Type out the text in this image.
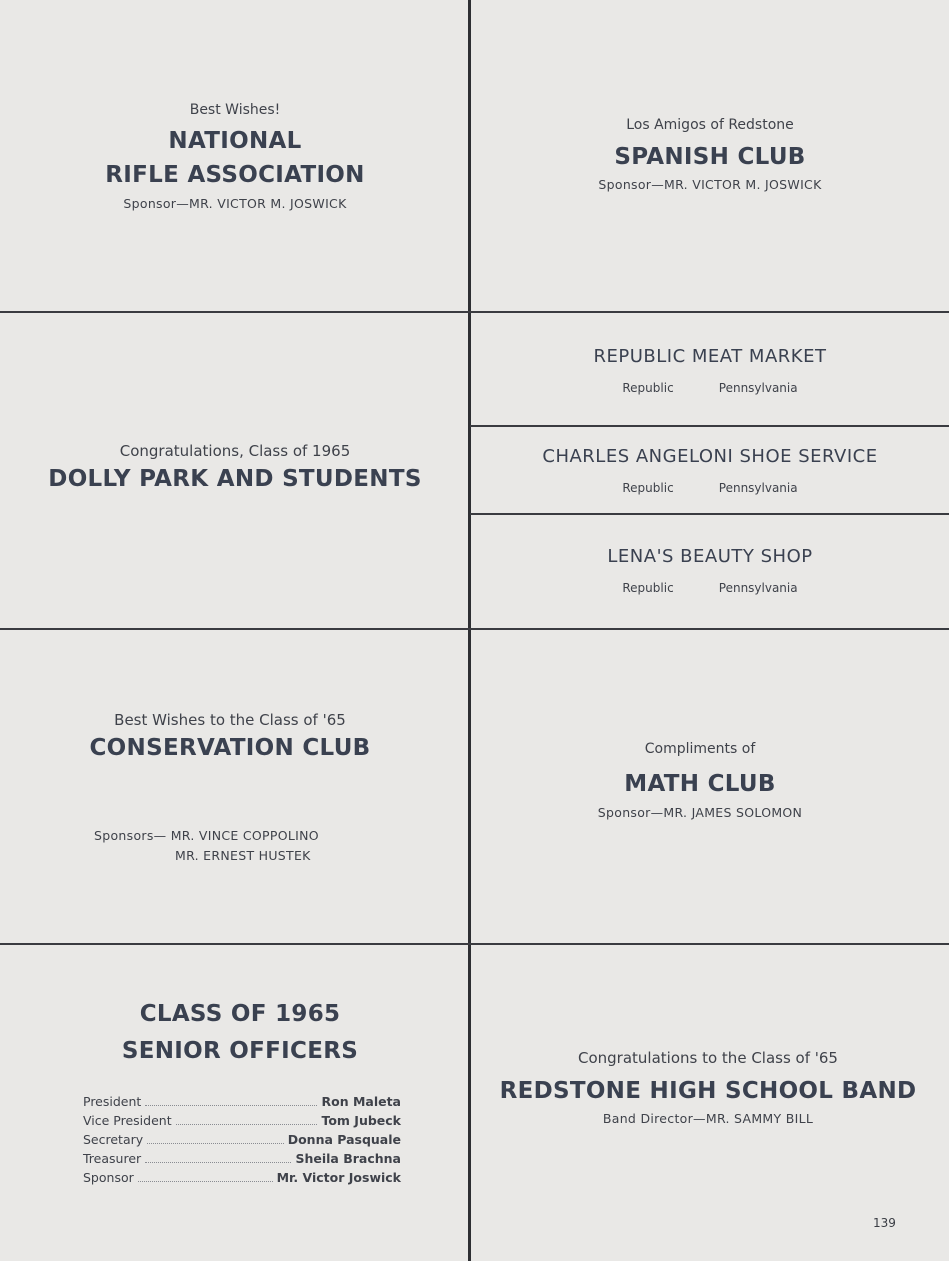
Best Wishes!
NATIONAL
RIFLE ASSOCIATION
Sponsor—MR. VICTOR M. JOSWICK
Los Amigos of Redstone
SPANISH CLUB
Sponsor—MR. VICTOR M. JOSWICK
REPUBLIC MEAT MARKET
Republic	Pennsylvania
Congratulations, Class of 1965
DOLLY PARK AND STUDENTS
CHARLES ANGELONI SHOE SERVICE
Republic	Pennsylvania
LENA'S BEAUTY SHOP
Republic	Pennsylvania
Best Wishes to the Class of '65
CONSERVATION CLUB
Sponsors— MR. VINCE COPPOLINO
MR. ERNEST HUSTEK
Compliments of
MATH CLUB
Sponsor—MR. JAMES SOLOMON
CLASS OF 1965
SENIOR OFFICERS
President	Ron Maleta
Vice President	Tom Jubeck
Secretary	Donna Pasquale
Treasurer	Sheila Brachna
Sponsor	Mr. Victor Joswick
Congratulations to the Class of '65
REDSTONE HIGH SCHOOL BAND
Band Director—MR. SAMMY BILL
139
